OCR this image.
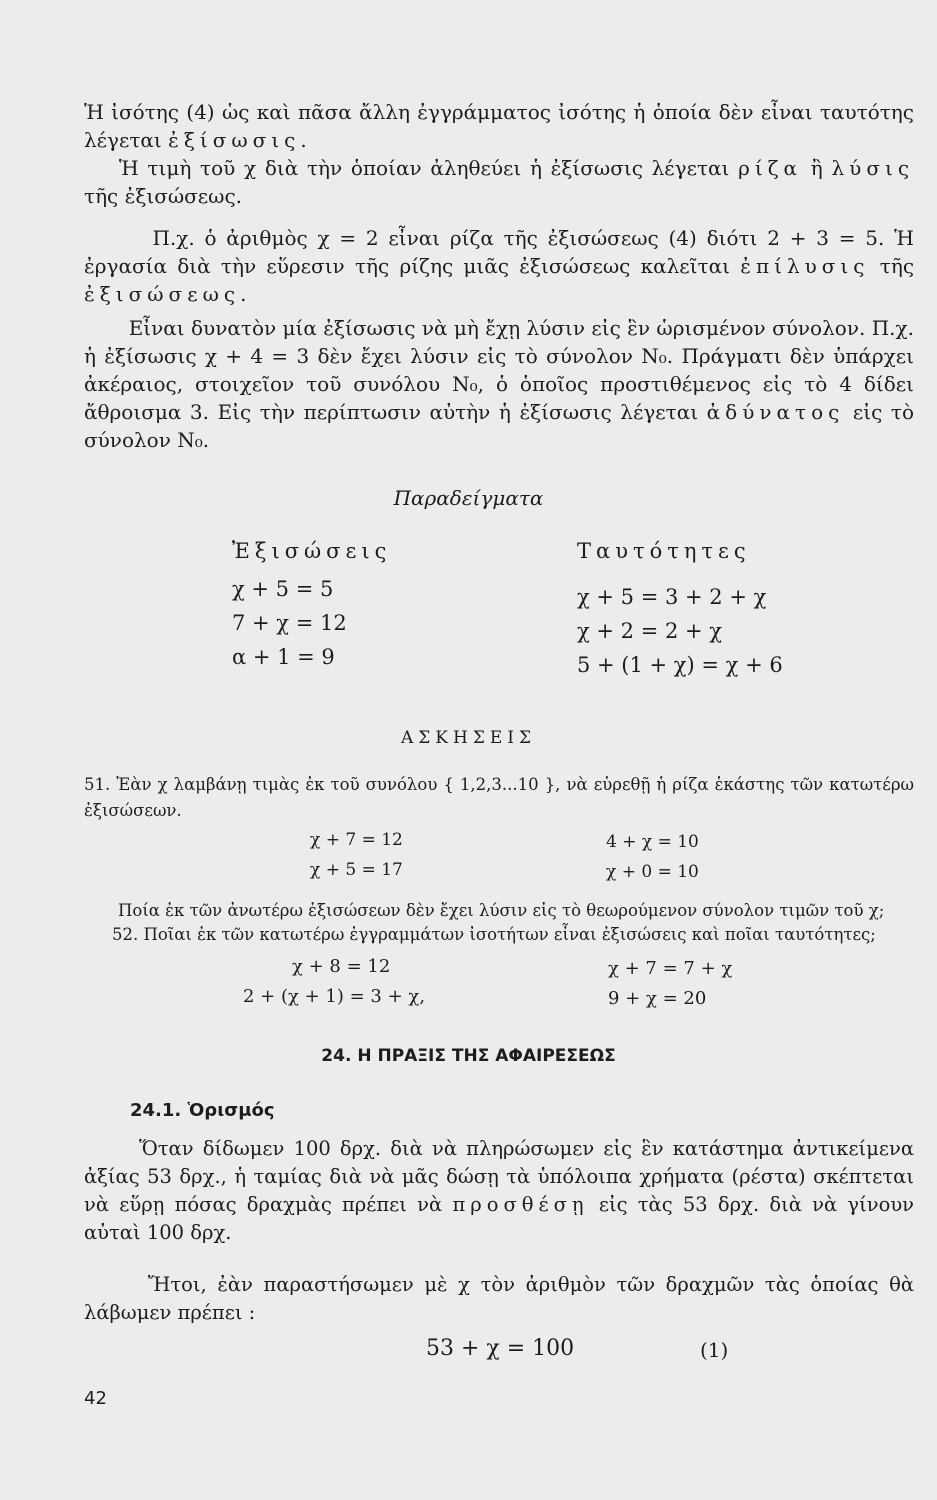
Ἡ ἰσότης (4) ὡς καὶ πᾶσα ἄλλη ἐγγράμματος ἰσότης ἡ ὁποία δὲν εἶναι ταυτότης λέγεται ἐξίσωσις.

Ἡ τιμὴ τοῦ χ διὰ τὴν ὁποίαν ἀληθεύει ἡ ἐξίσωσις λέγεται ρίζα ἢ λύσις τῆς ἐξισώσεως.

Π.χ. ὁ ἀριθμὸς χ = 2 εἶναι ρίζα τῆς ἐξισώσεως (4) διότι 2 + 3 = 5. Ἡ ἐργασία διὰ τὴν εὕρεσιν τῆς ρίζης μιᾶς ἐξισώσεως καλεῖται ἐπίλυσις τῆς ἐξισώσεως.

Εἶναι δυνατὸν μία ἐξίσωσις νὰ μὴ ἔχῃ λύσιν εἰς ἓν ὡρισμένον σύνολον. Π.χ. ἡ ἐξίσωσις χ + 4 = 3 δὲν ἔχει λύσιν εἰς τὸ σύνολον Ν₀. Πράγματι δὲν ὑπάρχει ἀκέραιος, στοιχεῖον τοῦ συνόλου Ν₀, ὁ ὁποῖος προστιθέμενος εἰς τὸ 4 δίδει ἄθροισμα 3. Εἰς τὴν περίπτωσιν αὐτὴν ἡ ἐξίσωσις λέγεται ἀδύνατος εἰς τὸ σύνολον Ν₀.

Παραδείγματα

Ἐξισώσεις
χ + 5 = 5
7 + χ = 12
α + 1 = 9
Ταυτότητες
χ + 5 = 3 + 2 + χ
χ + 2 = 2 + χ
5 + (1 + χ) = χ + 6
ΑΣΚΗΣΕΙΣ

51. Ἐὰν χ λαμβάνῃ τιμὰς ἐκ τοῦ συνόλου { 1,2,3...10 }, νὰ εὑρεθῇ ἡ ρίζα ἑκάστης τῶν κατωτέρω ἐξισώσεων.

χ + 7 = 12	4 + χ = 10
χ + 5 = 17	χ + 0 = 10

Ποία ἐκ τῶν ἀνωτέρω ἐξισώσεων δὲν ἔχει λύσιν εἰς τὸ θεωρούμενον σύνολον τιμῶν τοῦ χ;

52. Ποῖαι ἐκ τῶν κατωτέρω ἐγγραμμάτων ἰσοτήτων εἶναι ἐξισώσεις καὶ ποῖαι ταυτότητες;

χ + 8 = 12	χ + 7 = 7 + χ
2 + (χ + 1) = 3 + χ,	9 + χ = 20
24. Η ΠΡΑΞΙΣ ΤΗΣ ΑΦΑΙΡΕΣΕΩΣ
24.1. Ὁρισμός

Ὅταν δίδωμεν 100 δρχ. διὰ νὰ πληρώσωμεν εἰς ἓν κατάστημα ἀντικείμενα ἀξίας 53 δρχ., ἡ ταμίας διὰ νὰ μᾶς δώσῃ τὰ ὑπόλοιπα χρήματα (ρέστα) σκέπτεται νὰ εὕρῃ πόσας δραχμὰς πρέπει νὰ προσθέσῃ εἰς τὰς 53 δρχ. διὰ νὰ γίνουν αὐταὶ 100 δρχ.

Ἤτοι, ἐὰν παραστήσωμεν μὲ χ τὸν ἀριθμὸν τῶν δραχμῶν τὰς ὁποίας θὰ λάβωμεν πρέπει :

53 + χ = 100	(1)
42
